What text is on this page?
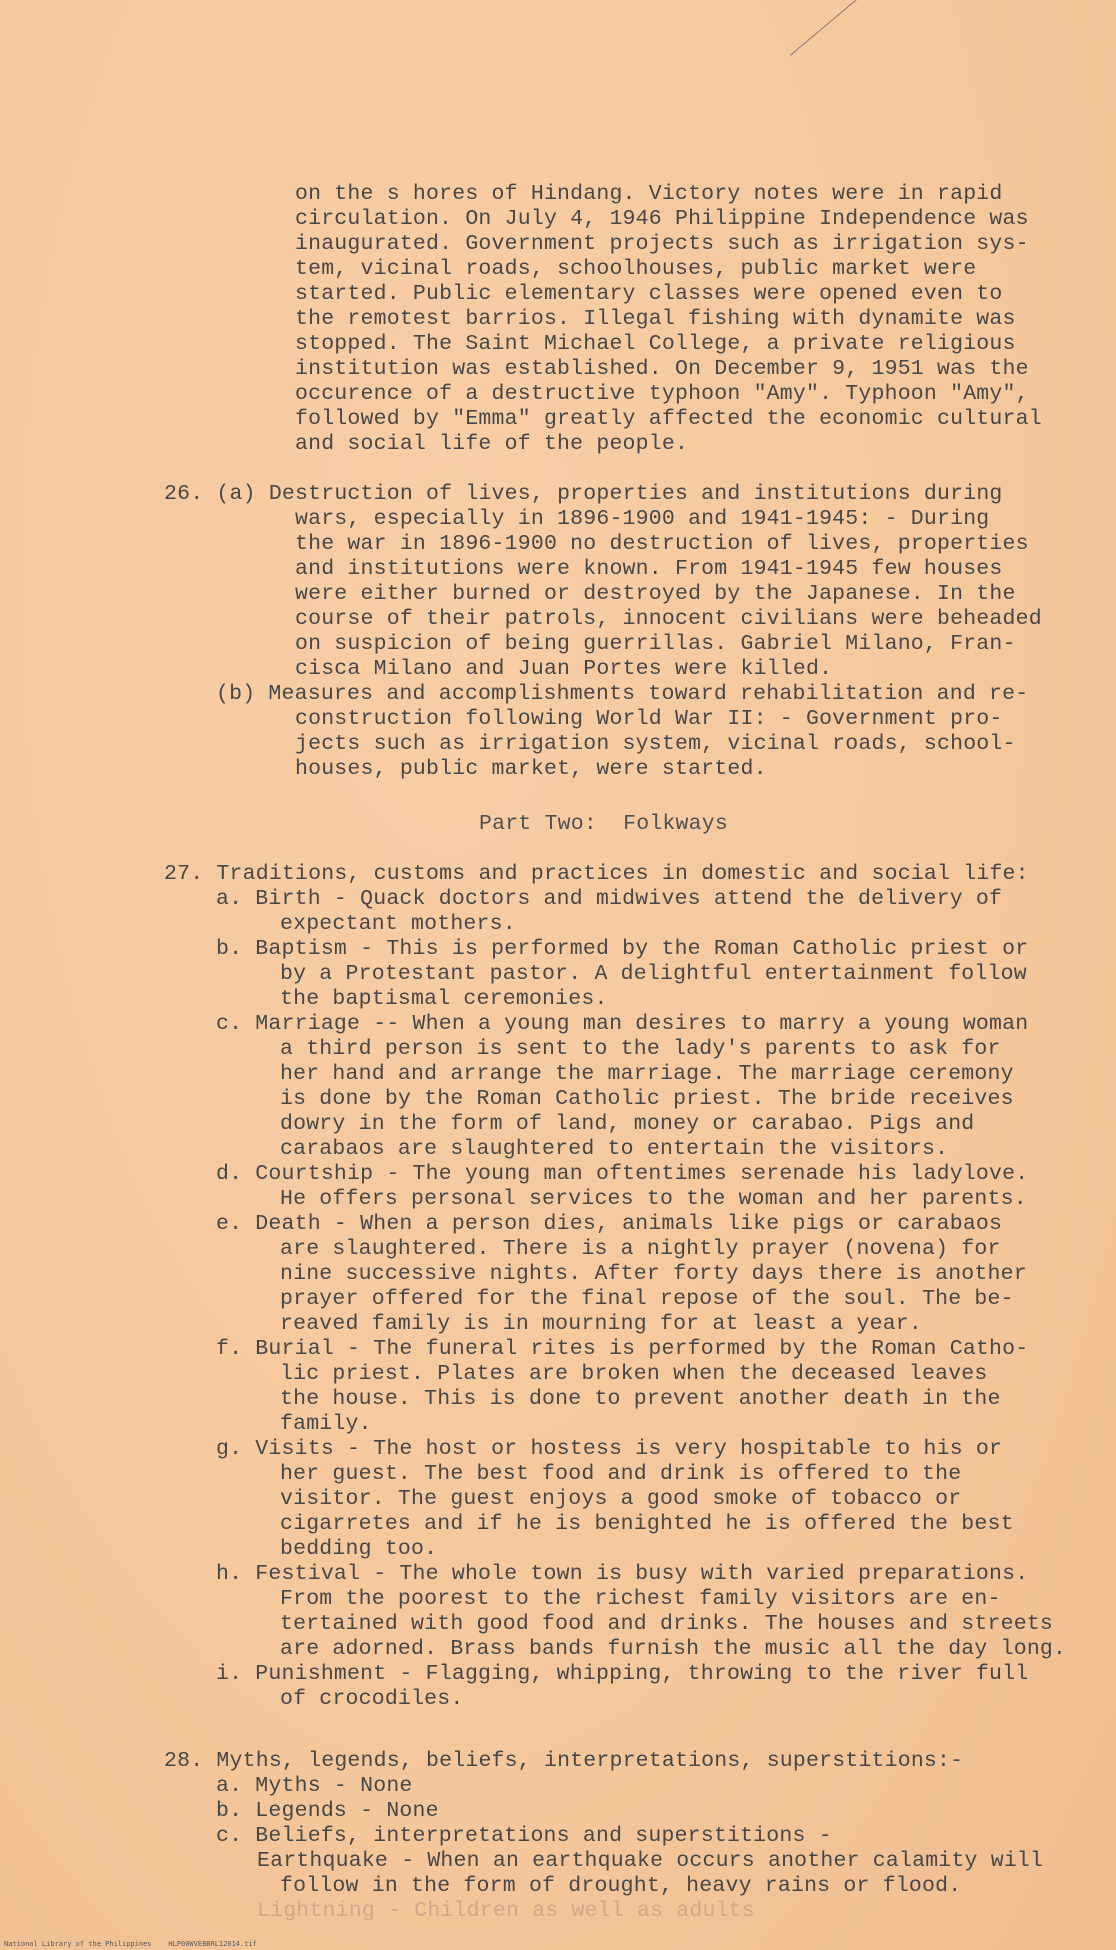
on the s hores of Hindang. Victory notes were in rapid
circulation. On July 4, 1946 Philippine Independence was
inaugurated. Government projects such as irrigation sys-
tem, vicinal roads, schoolhouses, public market were
started. Public elementary classes were opened even to
the remotest barrios. Illegal fishing with dynamite was
stopped. The Saint Michael College, a private religious
institution was established. On December 9, 1951 was the
occurence of a destructive typhoon "Amy". Typhoon "Amy",
followed by "Emma" greatly affected the economic cultural
and social life of the people.
26. (a) Destruction of lives, properties and institutions during
wars, especially in 1896-1900 and 1941-1945: - During
the war in 1896-1900 no destruction of lives, properties
and institutions were known. From 1941-1945 few houses
were either burned or destroyed by the Japanese. In the
course of their patrols, innocent civilians were beheaded
on suspicion of being guerrillas. Gabriel Milano, Fran-
cisca Milano and Juan Portes were killed.
(b) Measures and accomplishments toward rehabilitation and re-
construction following World War II: - Government pro-
jects such as irrigation system, vicinal roads, school-
houses, public market, were started.
Part Two:  Folkways
27. Traditions, customs and practices in domestic and social life:
a. Birth - Quack doctors and midwives attend the delivery of
expectant mothers.
b. Baptism - This is performed by the Roman Catholic priest or
by a Protestant pastor. A delightful entertainment follow
the baptismal ceremonies.
c. Marriage -- When a young man desires to marry a young woman
a third person is sent to the lady's parents to ask for
her hand and arrange the marriage. The marriage ceremony
is done by the Roman Catholic priest. The bride receives
dowry in the form of land, money or carabao. Pigs and
carabaos are slaughtered to entertain the visitors.
d. Courtship - The young man oftentimes serenade his ladylove.
He offers personal services to the woman and her parents.
e. Death - When a person dies, animals like pigs or carabaos
are slaughtered. There is a nightly prayer (novena) for
nine successive nights. After forty days there is another
prayer offered for the final repose of the soul. The be-
reaved family is in mourning for at least a year.
f. Burial - The funeral rites is performed by the Roman Catho-
lic priest. Plates are broken when the deceased leaves
the house. This is done to prevent another death in the
family.
g. Visits - The host or hostess is very hospitable to his or
her guest. The best food and drink is offered to the
visitor. The guest enjoys a good smoke of tobacco or
cigarretes and if he is benighted he is offered the best
bedding too.
h. Festival - The whole town is busy with varied preparations.
From the poorest to the richest family visitors are en-
tertained with good food and drinks. The houses and streets
are adorned. Brass bands furnish the music all the day long.
i. Punishment - Flagging, whipping, throwing to the river full
of crocodiles.
28. Myths, legends, beliefs, interpretations, superstitions:-
a. Myths - None
b. Legends - None
c. Beliefs, interpretations and superstitions -
Earthquake - When an earthquake occurs another calamity will
follow in the form of drought, heavy rains or flood.
Lightning - Children as well as adults
National Library of the Philippines    HLP00WVEBBRL12014.tif
